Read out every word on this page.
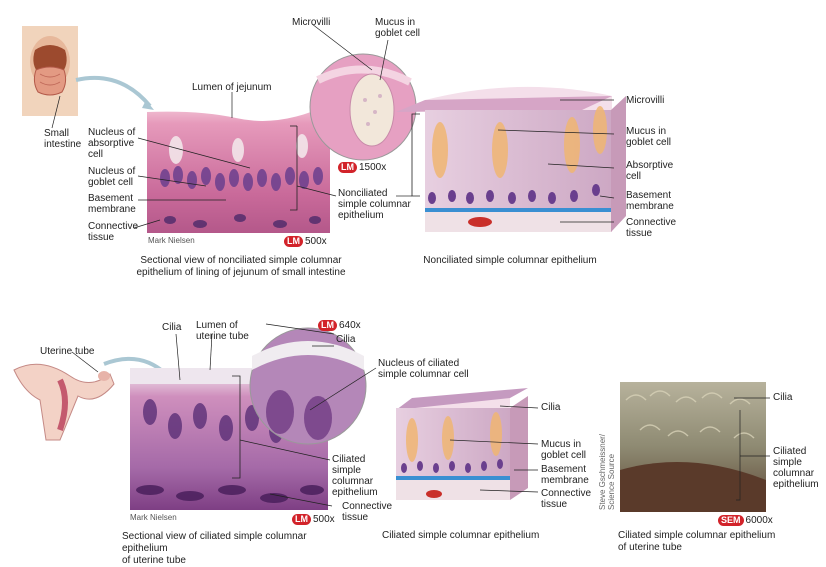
Small
intestine
Nucleus of
absorptive
cell
Nucleus of
goblet cell
Basement
membrane
Connective
tissue
Lumen of jejunum
Microvilli	Mucus in
goblet cell
Nonciliated
simple columnar
epithelium
Mark Nielsen
LM 1500x
LM 500x
Sectional view of nonciliated simple columnar
epithelium of lining of jejunum of small intestine
Microvilli
Mucus in
goblet cell
Absorptive
cell
Basement
membrane
Connective
tissue
Nonciliated simple columnar epithelium
Uterine tube
Cilia Lumen of
uterine tube
LM 640x
Cilia
Nucleus of ciliated
simple columnar cell
Ciliated
simple
columnar
epithelium
Connective
tissue
Mark Nielsen	LM 500x
Sectional view of ciliated simple columnar epithelium
of uterine tube
Cilia
Mucus in
goblet cell
Basement
membrane
Connective
tissue
Ciliated simple columnar epithelium
Steve Gschmeissner/
Science Source
Cilia
Ciliated
simple
columnar
epithelium
SEM 6000x
Ciliated simple columnar epithelium
of uterine tube
